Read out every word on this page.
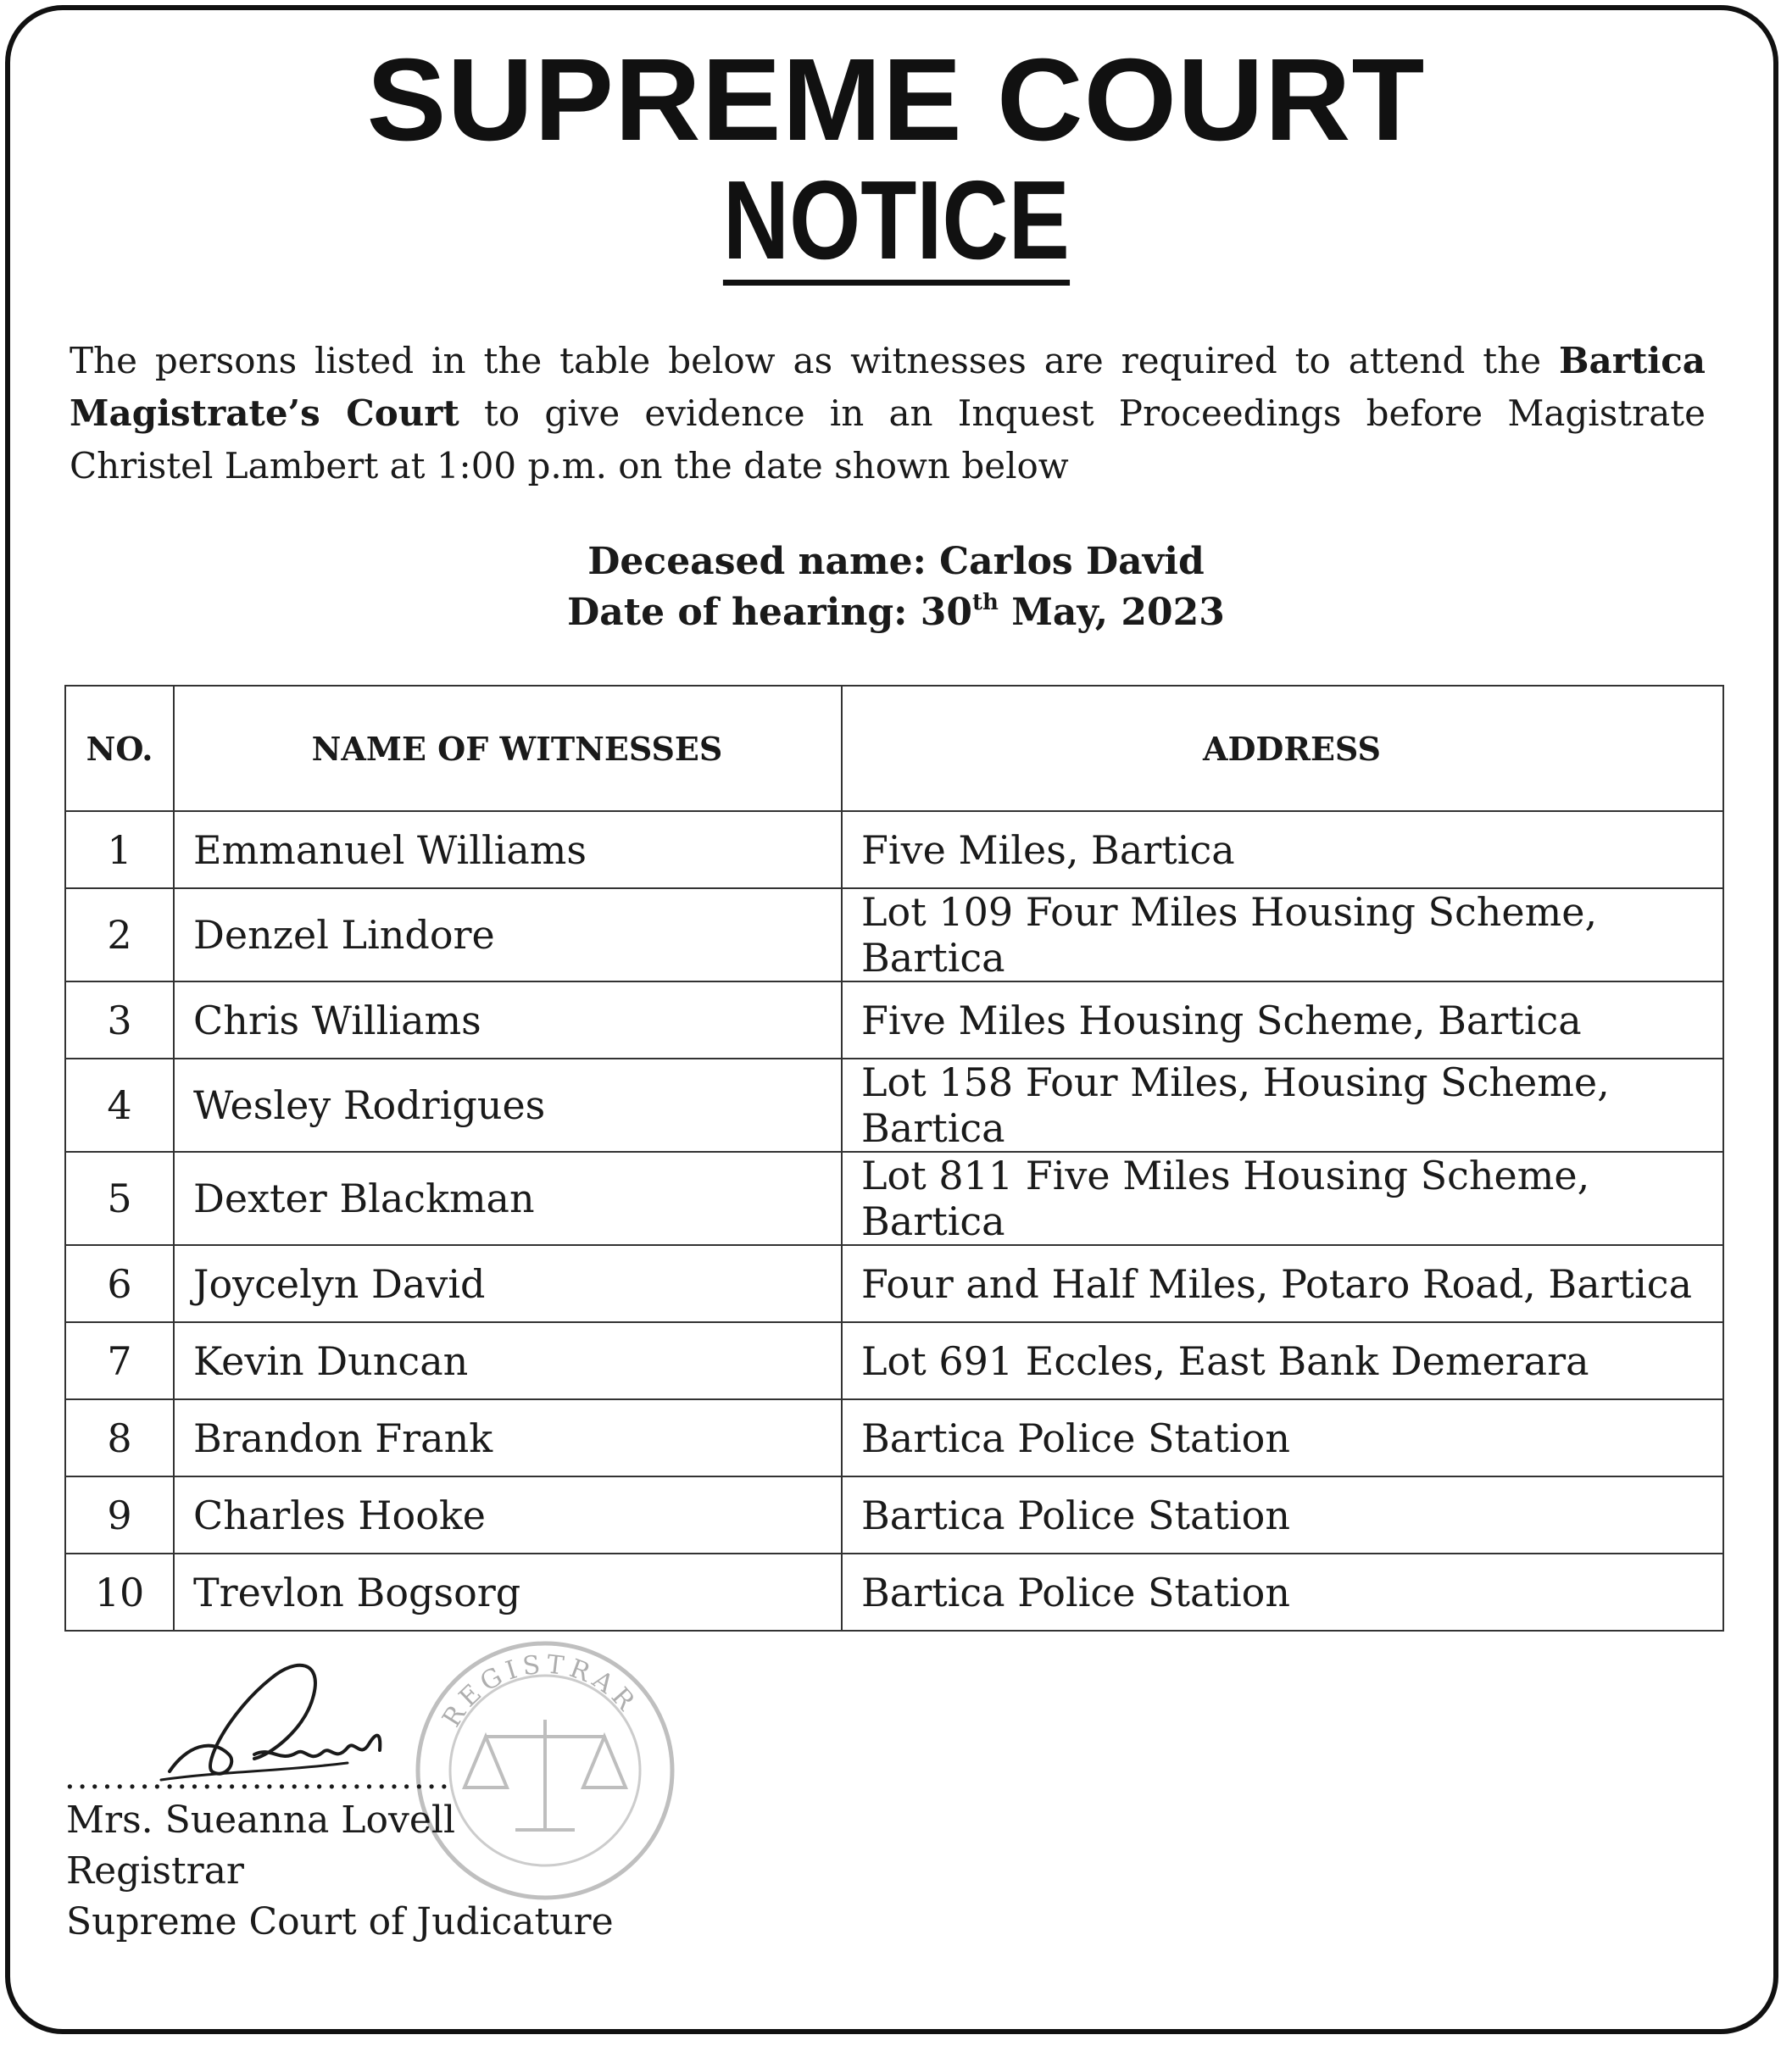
SUPREME COURT
NOTICE
The persons listed in the table below as witnesses are required to attend the Bartica Magistrate’s Court to give evidence in an Inquest Proceedings before Magistrate Christel Lambert at 1:00 p.m. on the date shown below
Deceased name: Carlos David
Date of hearing: 30th May, 2023
NO.	NAME OF WITNESSES	ADDRESS
1	Emmanuel Williams	Five Miles, Bartica
2	Denzel Lindore	Lot 109 Four Miles Housing Scheme, Bartica
3	Chris Williams	Five Miles Housing Scheme, Bartica
4	Wesley Rodrigues	Lot 158 Four Miles, Housing Scheme, Bartica
5	Dexter Blackman	Lot 811 Five Miles Housing Scheme, Bartica
6	Joycelyn David	Four and Half Miles, Potaro Road, Bartica
7	Kevin Duncan	Lot 691 Eccles, East Bank Demerara
8	Brandon Frank	Bartica Police Station
9	Charles Hooke	Bartica Police Station
10	Trevlon Bogsorg	Bartica Police Station
REGISTRAR
...............................
Mrs. Sueanna Lovell
Registrar
Supreme Court of Judicature
